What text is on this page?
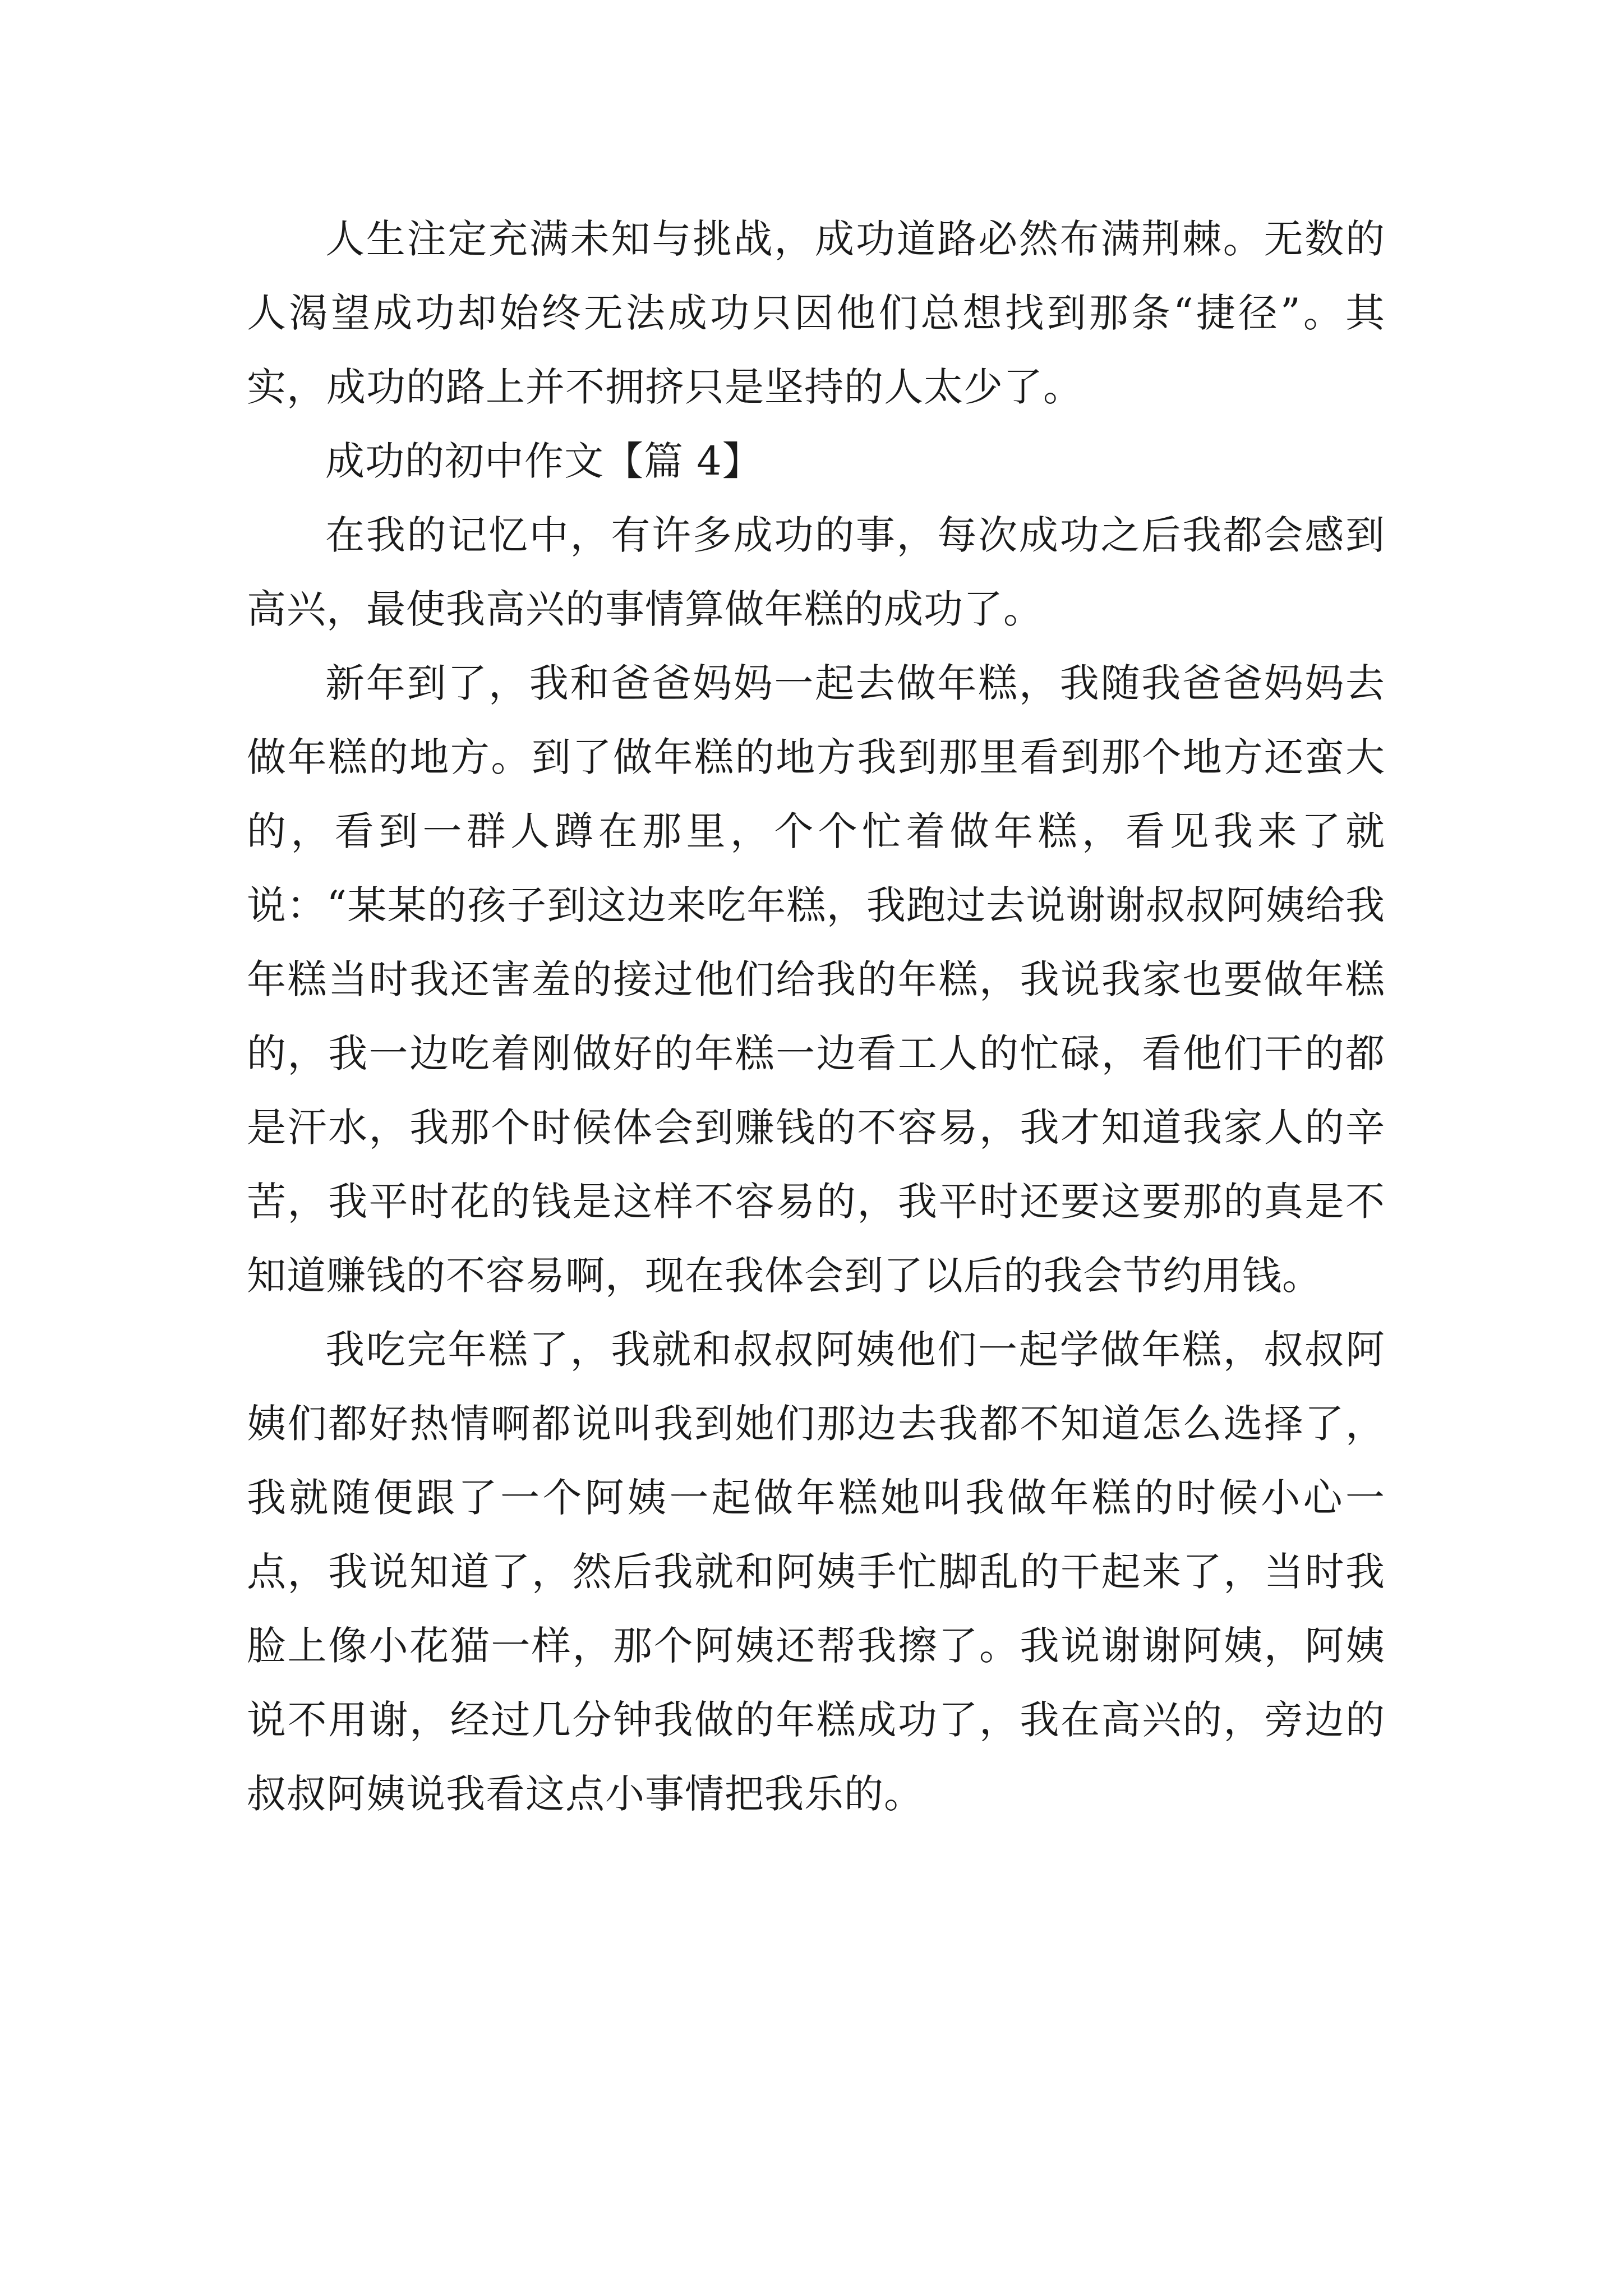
人生注定充满未知与挑战，成功道路必然布满荆棘。无数的人渴望成功却始终无法成功只因他们总想找到那条“捷径”。其实，成功的路上并不拥挤只是坚持的人太少了。

成功的初中作文【篇 4】

在我的记忆中，有许多成功的事，每次成功之后我都会感到高兴，最使我高兴的事情算做年糕的成功了。

新年到了，我和爸爸妈妈一起去做年糕，我随我爸爸妈妈去做年糕的地方。到了做年糕的地方我到那里看到那个地方还蛮大的，看到一群人蹲在那里，个个忙着做年糕，看见我来了就说：“某某的孩子到这边来吃年糕，我跑过去说谢谢叔叔阿姨给我年糕当时我还害羞的接过他们给我的年糕，我说我家也要做年糕的，我一边吃着刚做好的年糕一边看工人的忙碌，看他们干的都是汗水，我那个时候体会到赚钱的不容易，我才知道我家人的辛苦，我平时花的钱是这样不容易的，我平时还要这要那的真是不知道赚钱的不容易啊，现在我体会到了以后的我会节约用钱。

我吃完年糕了，我就和叔叔阿姨他们一起学做年糕，叔叔阿姨们都好热情啊都说叫我到她们那边去我都不知道怎么选择了，我就随便跟了一个阿姨一起做年糕她叫我做年糕的时候小心一点，我说知道了，然后我就和阿姨手忙脚乱的干起来了，当时我脸上像小花猫一样，那个阿姨还帮我擦了。我说谢谢阿姨，阿姨说不用谢，经过几分钟我做的年糕成功了，我在高兴的，旁边的叔叔阿姨说我看这点小事情把我乐的。
